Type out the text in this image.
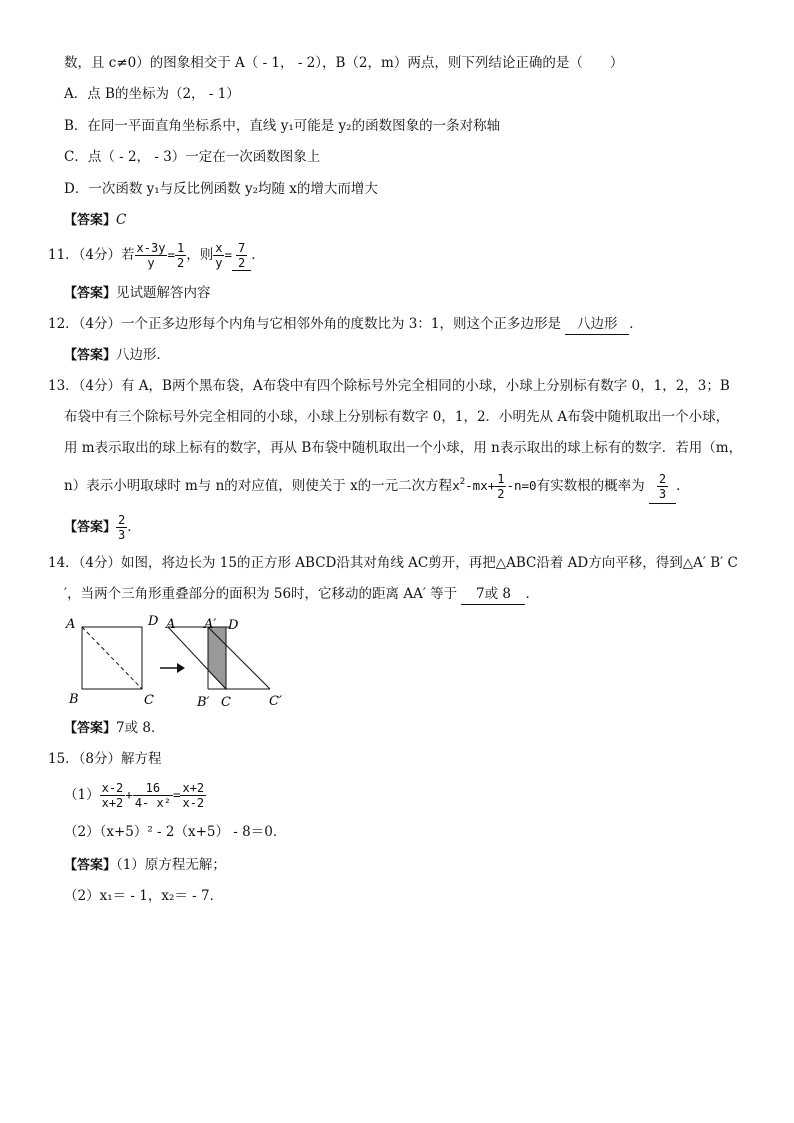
数，且 c≠0）的图象相交于 A（ - 1， - 2），B（2，m）两点，则下列结论正确的是（　　）
A．点 B的坐标为（2， - 1）
B．在同一平面直角坐标系中，直线 y₁可能是 y₂的函数图象的一条对称轴
C．点（ - 2， - 3）一定在一次函数图象上
D．一次函数 y₁与反比例函数 y₂均随 x的增大而增大
【答案】C
11．（4分）若 $\frac{x-3y}{y} = \frac{1}{2}$ ，则 $\frac{x}{y} = \frac{7}{2}$ ．
【答案】见试题解答内容
12．（4分）一个正多边形每个内角与它相邻外角的度数比为 3：1，则这个正多边形是 八边形 ．
【答案】八边形．
13．（4分）有 A，B两个黑布袋，A布袋中有四个除标号外完全相同的小球，小球上分别标有数字 0，1，2，3；B
布袋中有三个除标号外完全相同的小球，小球上分别标有数字 0，1，2．小明先从 A布袋中随机取出一个小球，
用 m表示取出的球上标有的数字，再从 B布袋中随机取出一个小球，用 n表示取出的球上标有的数字．若用（m，
n）表示小明取球时 m与 n的对应值，则使关于 x的一元二次方程$x^2-mx+ \frac{1}{2} -n=0$有实数根的概率为 $\frac{2}{3}$ ．
【答案】 $\frac{2}{3}$ ．
14．（4分）如图，将边长为 15的正方形 ABCD沿其对角线 AC剪开，再把△ABC沿着 AD方向平移，得到△A′ B′ C
′，当两个三角形重叠部分的面积为 56时，它移动的距离 AA′ 等于 7或 8 ．
A	D
B	C
A A′ D
B′ C	C′
【答案】7或 8．
15．（8分）解方程
$(1) \frac{x-2}{x+2} + \frac{16}{\text{4- x²}} = \frac{x+2}{x-2}$
（2）（x+5）² - 2（x+5） - 8＝0．
【答案】（1）原方程无解；
（2）x₁＝ - 1，x₂＝ - 7．
